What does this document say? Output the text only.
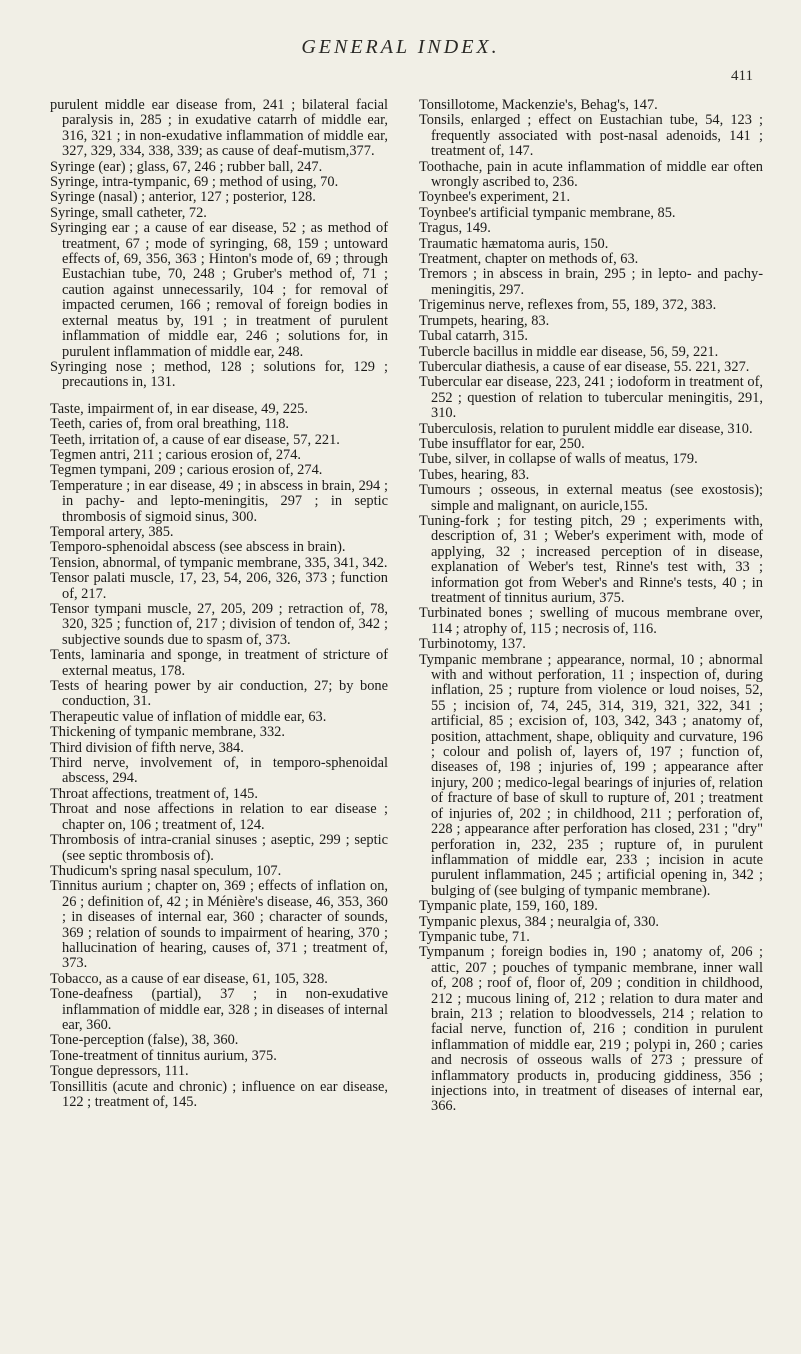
GENERAL INDEX.
411

purulent middle ear disease from, 241 ; bilateral facial paralysis in, 285 ; in exudative catarrh of middle ear, 316, 321 ; in non-exudative inflammation of middle ear, 327, 329, 334, 338, 339; as cause of deaf-mutism,377.

Syringe (ear) ; glass, 67, 246 ; rubber ball, 247.

Syringe, intra-tympanic, 69 ; method of using, 70.

Syringe (nasal) ; anterior, 127 ; posterior, 128.

Syringe, small catheter, 72.

Syringing ear ; a cause of ear disease, 52 ; as method of treatment, 67 ; mode of syringing, 68, 159 ; untoward effects of, 69, 356, 363 ; Hinton's mode of, 69 ; through Eustachian tube, 70, 248 ; Gruber's method of, 71 ; caution against unnecessarily, 104 ; for removal of impacted cerumen, 166 ; removal of foreign bodies in external meatus by, 191 ; in treatment of purulent inflammation of middle ear, 246 ; solutions for, in purulent inflammation of middle ear, 248.

Syringing nose ; method, 128 ; solutions for, 129 ; precautions in, 131.

Taste, impairment of, in ear disease, 49, 225.

Teeth, caries of, from oral breathing, 118.

Teeth, irritation of, a cause of ear disease, 57, 221.

Tegmen antri, 211 ; carious erosion of, 274.

Tegmen tympani, 209 ; carious erosion of, 274.

Temperature ; in ear disease, 49 ; in abscess in brain, 294 ; in pachy- and lepto-meningitis, 297 ; in septic thrombosis of sigmoid sinus, 300.

Temporal artery, 385.

Temporo-sphenoidal abscess (see abscess in brain).

Tension, abnormal, of tympanic membrane, 335, 341, 342.

Tensor palati muscle, 17, 23, 54, 206, 326, 373 ; function of, 217.

Tensor tympani muscle, 27, 205, 209 ; retraction of, 78, 320, 325 ; function of, 217 ; division of tendon of, 342 ; subjective sounds due to spasm of, 373.

Tents, laminaria and sponge, in treatment of stricture of external meatus, 178.

Tests of hearing power by air conduction, 27; by bone conduction, 31.

Therapeutic value of inflation of middle ear, 63.

Thickening of tympanic membrane, 332.

Third division of fifth nerve, 384.

Third nerve, involvement of, in temporo-sphenoidal abscess, 294.

Throat affections, treatment of, 145.

Throat and nose affections in relation to ear disease ; chapter on, 106 ; treatment of, 124.

Thrombosis of intra-cranial sinuses ; aseptic, 299 ; septic (see septic thrombosis of).

Thudicum's spring nasal speculum, 107.

Tinnitus aurium ; chapter on, 369 ; effects of inflation on, 26 ; definition of, 42 ; in Ménière's disease, 46, 353, 360 ; in diseases of internal ear, 360 ; character of sounds, 369 ; relation of sounds to impairment of hearing, 370 ; hallucination of hearing, causes of, 371 ; treatment of, 373.

Tobacco, as a cause of ear disease, 61, 105, 328.

Tone-deafness (partial), 37 ; in non-exudative inflammation of middle ear, 328 ; in diseases of internal ear, 360.

Tone-perception (false), 38, 360.

Tone-treatment of tinnitus aurium, 375.

Tongue depressors, 111.

Tonsillitis (acute and chronic) ; influence on ear disease, 122 ; treatment of, 145.

Tonsillotome, Mackenzie's, Behag's, 147.

Tonsils, enlarged ; effect on Eustachian tube, 54, 123 ; frequently associated with post-nasal adenoids, 141 ; treatment of, 147.

Toothache, pain in acute inflammation of middle ear often wrongly ascribed to, 236.

Toynbee's experiment, 21.

Toynbee's artificial tympanic membrane, 85.

Tragus, 149.

Traumatic hæmatoma auris, 150.

Treatment, chapter on methods of, 63.

Tremors ; in abscess in brain, 295 ; in lepto- and pachy-meningitis, 297.

Trigeminus nerve, reflexes from, 55, 189, 372, 383.

Trumpets, hearing, 83.

Tubal catarrh, 315.

Tubercle bacillus in middle ear disease, 56, 59, 221.

Tubercular diathesis, a cause of ear disease, 55. 221, 327.

Tubercular ear disease, 223, 241 ; iodoform in treatment of, 252 ; question of relation to tubercular meningitis, 291, 310.

Tuberculosis, relation to purulent middle ear disease, 310.

Tube insufflator for ear, 250.

Tube, silver, in collapse of walls of meatus, 179.

Tubes, hearing, 83.

Tumours ; osseous, in external meatus (see exostosis); simple and malignant, on auricle,155.

Tuning-fork ; for testing pitch, 29 ; experiments with, description of, 31 ; Weber's experiment with, mode of applying, 32 ; increased perception of in disease, explanation of Weber's test, Rinne's test with, 33 ; information got from Weber's and Rinne's tests, 40 ; in treatment of tinnitus aurium, 375.

Turbinated bones ; swelling of mucous membrane over, 114 ; atrophy of, 115 ; necrosis of, 116.

Turbinotomy, 137.

Tympanic membrane ; appearance, normal, 10 ; abnormal with and without perforation, 11 ; inspection of, during inflation, 25 ; rupture from violence or loud noises, 52, 55 ; incision of, 74, 245, 314, 319, 321, 322, 341 ; artificial, 85 ; excision of, 103, 342, 343 ; anatomy of, position, attachment, shape, obliquity and curvature, 196 ; colour and polish of, layers of, 197 ; function of, diseases of, 198 ; injuries of, 199 ; appearance after injury, 200 ; medico-legal bearings of injuries of, relation of fracture of base of skull to rupture of, 201 ; treatment of injuries of, 202 ; in childhood, 211 ; perforation of, 228 ; appearance after perforation has closed, 231 ; "dry" perforation in, 232, 235 ; rupture of, in purulent inflammation of middle ear, 233 ; incision in acute purulent inflammation, 245 ; artificial opening in, 342 ; bulging of (see bulging of tympanic membrane).

Tympanic plate, 159, 160, 189.

Tympanic plexus, 384 ; neuralgia of, 330.

Tympanic tube, 71.

Tympanum ; foreign bodies in, 190 ; anatomy of, 206 ; attic, 207 ; pouches of tympanic membrane, inner wall of, 208 ; roof of, floor of, 209 ; condition in childhood, 212 ; mucous lining of, 212 ; relation to dura mater and brain, 213 ; relation to bloodvessels, 214 ; relation to facial nerve, function of, 216 ; condition in purulent inflammation of middle ear, 219 ; polypi in, 260 ; caries and necrosis of osseous walls of 273 ; pressure of inflammatory products in, producing giddiness, 356 ; injections into, in treatment of diseases of internal ear, 366.
